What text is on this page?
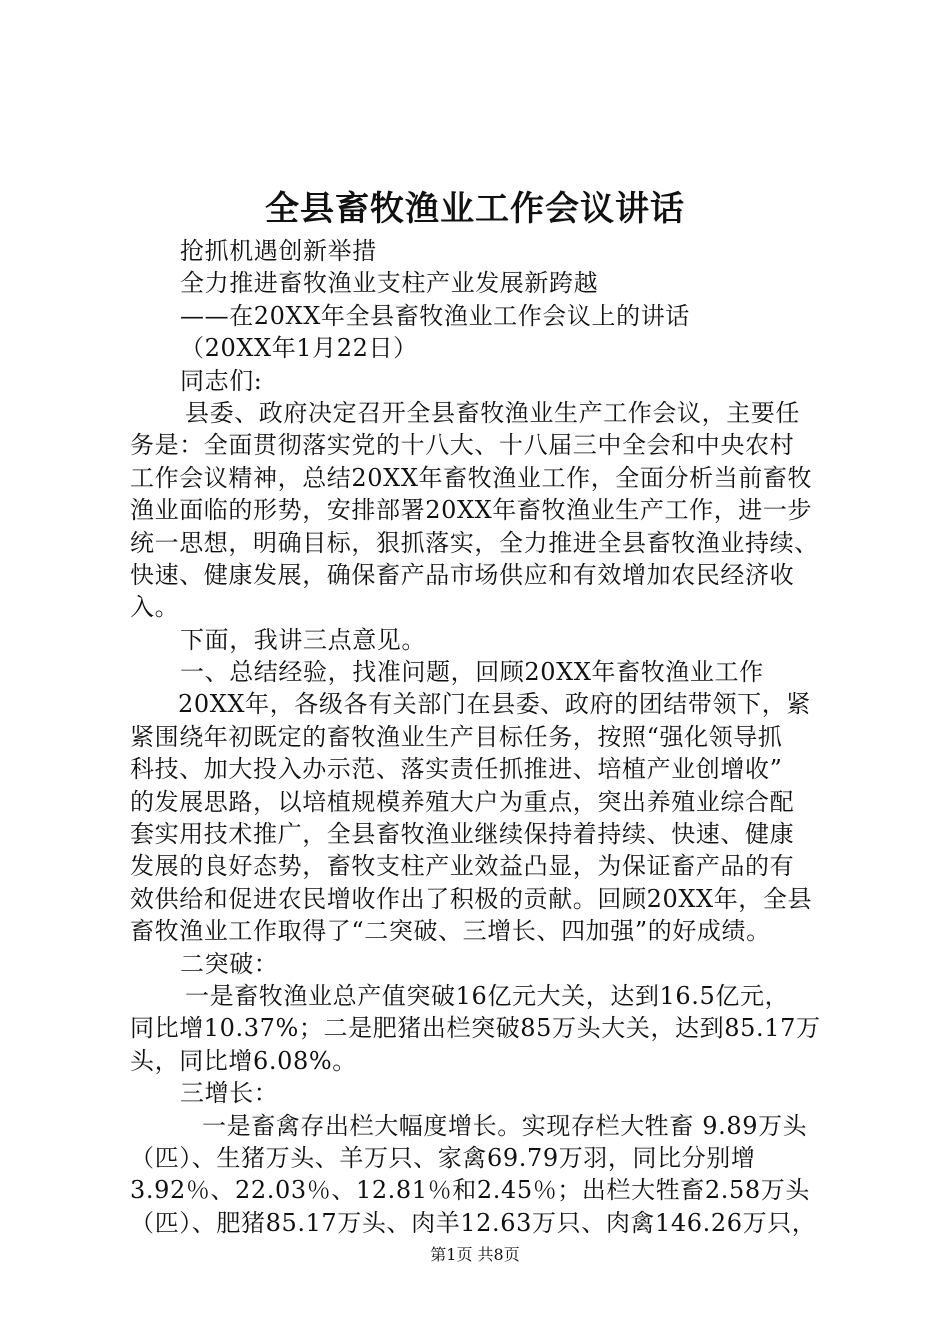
全县畜牧渔业工作会议讲话
抢抓机遇创新举措
全力推进畜牧渔业支柱产业发展新跨越
——在20XX年全县畜牧渔业工作会议上的讲话
（20XX年1月22日）
同志们:
县委、政府决定召开全县畜牧渔业生产工作会议，主要任
务是：全面贯彻落实党的十八大、十八届三中全会和中央农村
工作会议精神，总结20XX年畜牧渔业工作，全面分析当前畜牧
渔业面临的形势，安排部署20XX年畜牧渔业生产工作，进一步
统一思想，明确目标，狠抓落实，全力推进全县畜牧渔业持续、
快速、健康发展，确保畜产品市场供应和有效增加农民经济收
入。
下面，我讲三点意见。
一、总结经验，找准问题，回顾20XX年畜牧渔业工作
20XX年，各级各有关部门在县委、政府的团结带领下，紧
紧围绕年初既定的畜牧渔业生产目标任务，按照“强化领导抓
科技、加大投入办示范、落实责任抓推进、培植产业创增收”
的发展思路，以培植规模养殖大户为重点，突出养殖业综合配
套实用技术推广，全县畜牧渔业继续保持着持续、快速、健康
发展的良好态势，畜牧支柱产业效益凸显，为保证畜产品的有
效供给和促进农民增收作出了积极的贡献。回顾20XX年，全县
畜牧渔业工作取得了“二突破、三增长、四加强”的好成绩。
二突破：
一是畜牧渔业总产值突破16亿元大关，达到16.5亿元，
同比增10.37%；二是肥猪出栏突破85万头大关，达到85.17万
头，同比增6.08%。
三增长：
一是畜禽存出栏大幅度增长。实现存栏大牲畜 9.89万头
（匹）、生猪万头、羊万只、家禽69.79万羽，同比分别增
3.92％、22.03％、12.81％和2.45％；出栏大牲畜2.58万头
（匹）、肥猪85.17万头、肉羊12.63万只、肉禽146.26万只，
第1页 共8页
